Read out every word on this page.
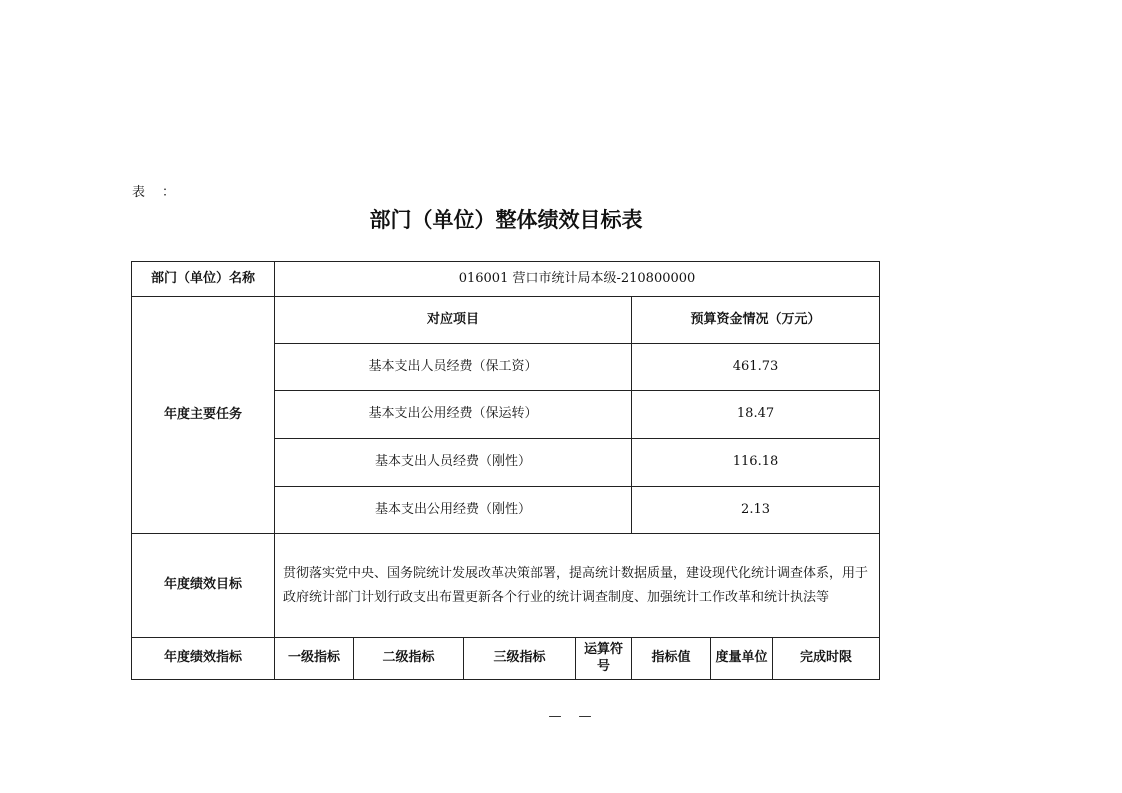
表　：
部门（单位）整体绩效目标表
部门（单位）名称	016001 营口市统计局本级-210800000						
年度主要任务	对应项目				预算资金情况（万元）		
	基本支出人员经费（保工资）				461.73		
	基本支出公用经费（保运转）				18.47		
	基本支出人员经费（刚性）				116.18		
	基本支出公用经费（刚性）				2.13		
年度绩效目标	贯彻落实党中央、国务院统计发展改革决策部署，提高统计数据质量，建设现代化统计调查体系，用于政府统计部门计划行政支出布置更新各个行业的统计调查制度、加强统计工作改革和统计执法等						
年度绩效指标	一级指标	二级指标	三级指标	运算符号	指标值	度量单位	完成时限
—　—
